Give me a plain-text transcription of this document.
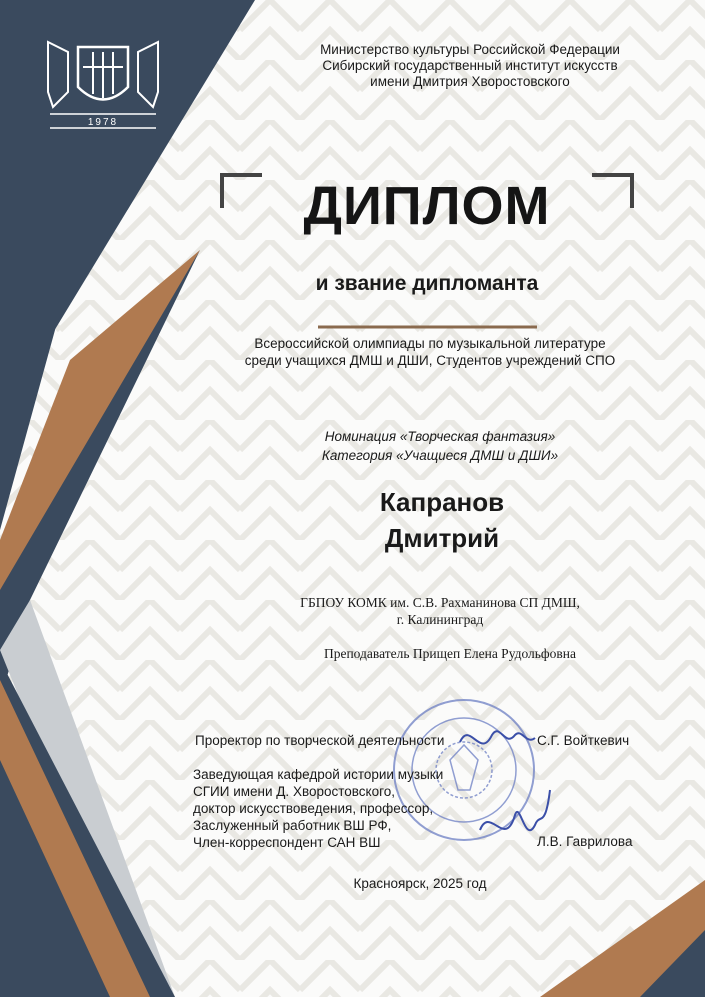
1978
Министерство культуры Российской Федерации
Сибирский государственный институт искусств
имени Дмитрия Хворостовского
ДИПЛОМ
и звание дипломанта
Всероссийской олимпиады по музыкальной литературе
среди учащихся ДМШ и ДШИ, Студентов учреждений СПО
Номинация «Творческая фантазия»
Категория «Учащиеся ДМШ и ДШИ»
Капранов
Дмитрий
ГБПОУ КОМК им. С.В. Рахманинова СП ДМШ,
г. Калининград
Преподаватель Прищеп Елена Рудольфовна
Проректор по творческой деятельности	С.Г. Войткевич
Заведующая кафедрой истории музыки
СГИИ имени Д. Хворостовского,
доктор искусствоведения, профессор,
Заслуженный работник ВШ РФ,
Член-корреспондент САН ВШ	Л.В. Гаврилова
Красноярск, 2025 год
